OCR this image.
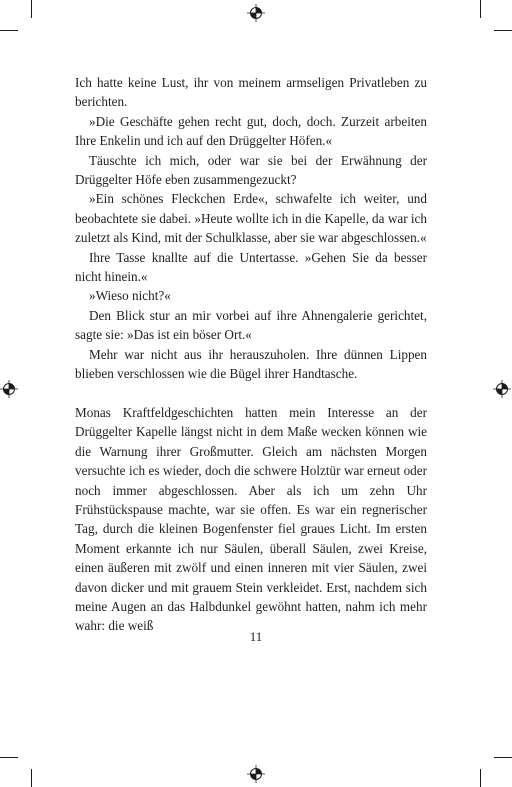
Ich hatte keine Lust, ihr von meinem armseligen Privatleben zu berichten.

»Die Geschäfte gehen recht gut, doch, doch. Zurzeit arbeiten Ihre Enkelin und ich auf den Drüggelter Höfen.«

Täuschte ich mich, oder war sie bei der Erwähnung der Drüggelter Höfe eben zusammengezuckt?

»Ein schönes Fleckchen Erde«, schwafelte ich weiter, und beobachtete sie dabei. »Heute wollte ich in die Kapelle, da war ich zuletzt als Kind, mit der Schulklasse, aber sie war abgeschlossen.«

Ihre Tasse knallte auf die Untertasse. »Gehen Sie da besser nicht hinein.«

»Wieso nicht?«

Den Blick stur an mir vorbei auf ihre Ahnengalerie gerichtet, sagte sie: »Das ist ein böser Ort.«

Mehr war nicht aus ihr herauszuholen. Ihre dünnen Lippen blieben verschlossen wie die Bügel ihrer Handtasche.

Monas Kraftfeldgeschichten hatten mein Interesse an der Drüggelter Kapelle längst nicht in dem Maße wecken können wie die Warnung ihrer Großmutter. Gleich am nächsten Morgen versuchte ich es wieder, doch die schwere Holztür war erneut oder noch immer abgeschlossen. Aber als ich um zehn Uhr Frühstückspause machte, war sie offen. Es war ein regnerischer Tag, durch die kleinen Bogenfenster fiel graues Licht. Im ersten Moment erkannte ich nur Säulen, überall Säulen, zwei Kreise, einen äußeren mit zwölf und einen inneren mit vier Säulen, zwei davon dicker und mit grauem Stein verkleidet. Erst, nachdem sich meine Augen an das Halbdunkel gewöhnt hatten, nahm ich mehr wahr: die weiß

11
